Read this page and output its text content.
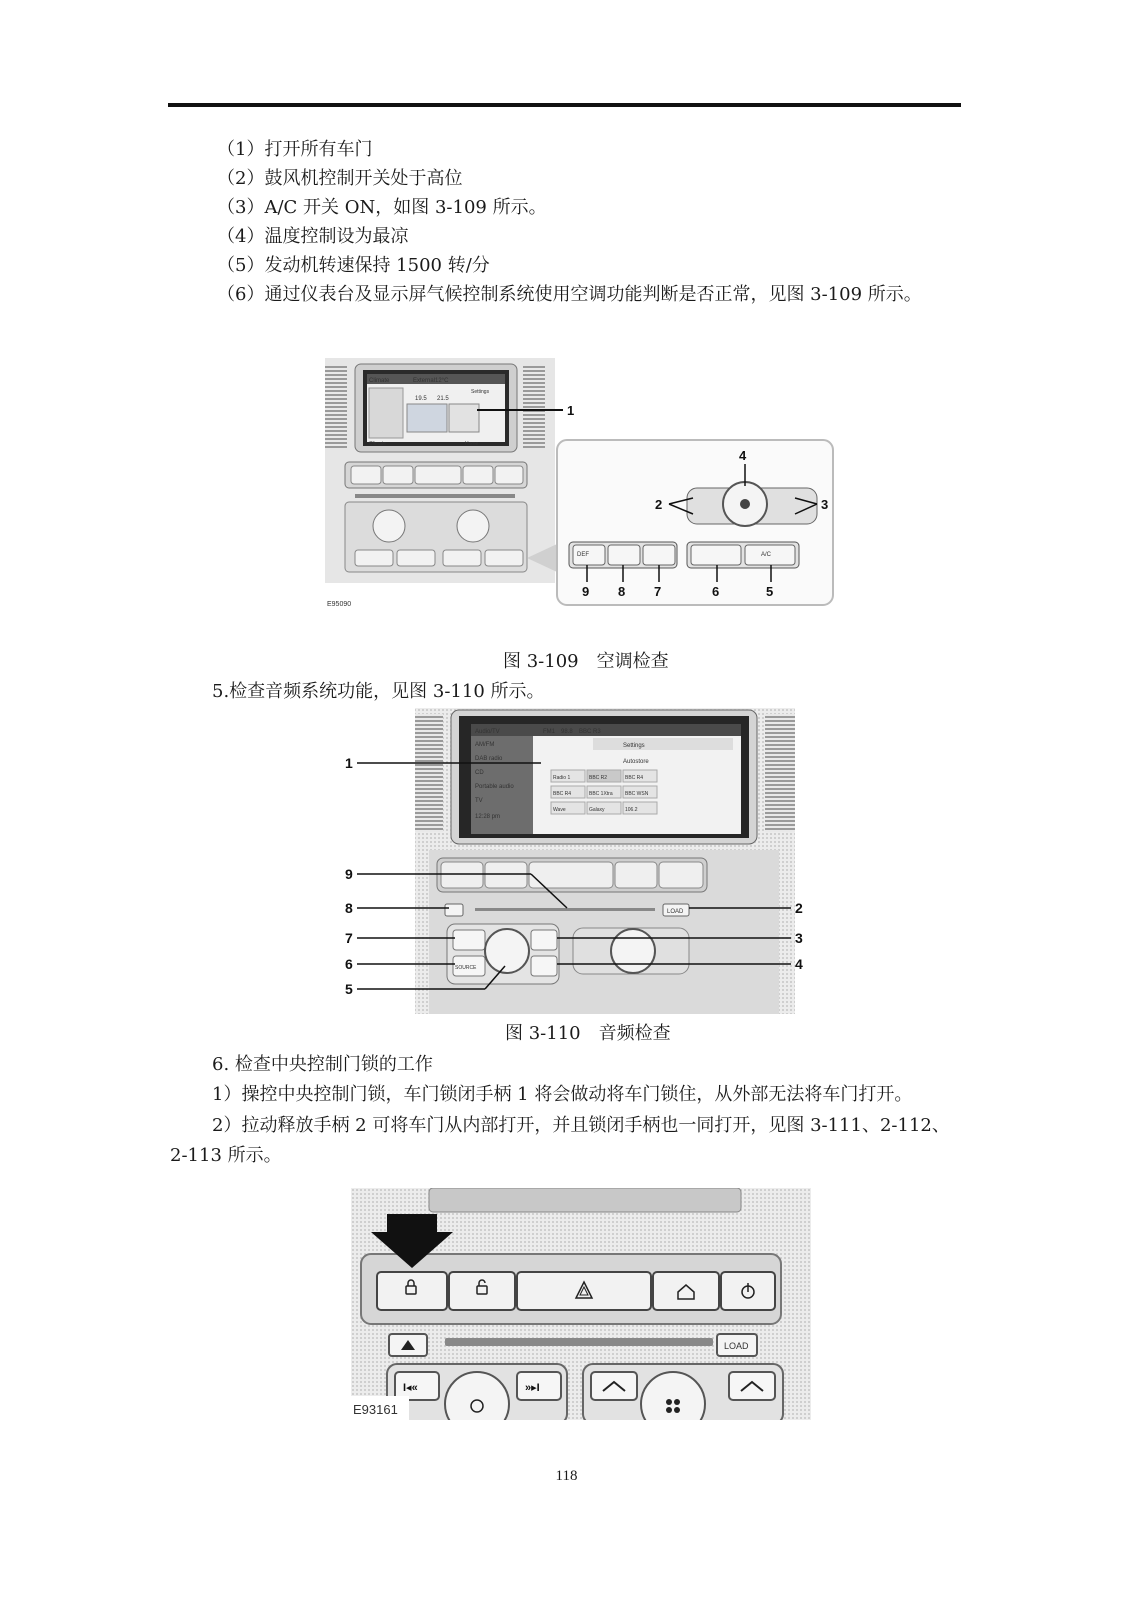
（1）打开所有车门
（2）鼓风机控制开关处于高位
（3）A/C 开关 ON，如图 3-109 所示。
（4）温度控制设为最凉
（5）发动机转速保持 1500 转/分
（6）通过仪表台及显示屏气候控制系统使用空调功能判断是否正常，见图 3-109 所示。
Climate	External 12°C
Settings
19.5 21.5
Climate	Home
1
E95090
4
2	3
DEF	A/C
9 8 7	6	5
图 3-109　空调检查
5.检查音频系统功能，见图 3-110 所示。
Audio/TV
AM/FM
DAB radio
CD
Portable audio
TV
12:28 pm
FM1 98.8 BBC R3
Settings
Autostore
Radio 1	BBC R2	BBC R4
BBC R4	BBC 1Xtra BBC WSN
Wave	Galaxy	106.2
LOAD
SOURCE
1
9
8
7
6
5
2
3
4
图 3-110　音频检查
6. 检查中央控制门锁的工作
1）操控中央控制门锁，车门锁闭手柄 1 将会做动将车门锁住，从外部无法将车门打开。
2）拉动释放手柄 2 可将车门从内部打开，并且锁闭手柄也一同打开，见图 3-111、2-112、
2-113 所示。
LOAD
I◂«	»▸I
E93161
118
